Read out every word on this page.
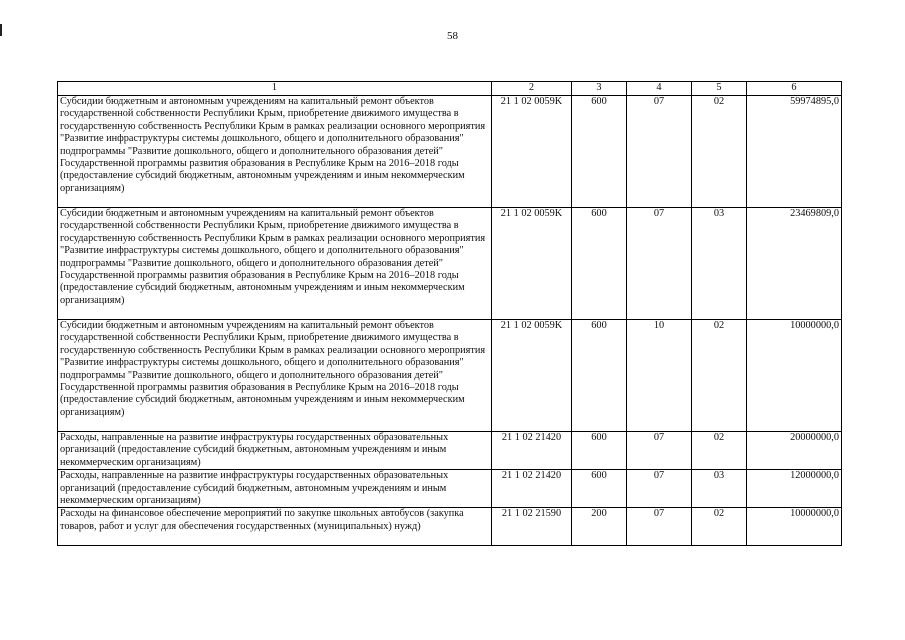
58
1	2	3	4	5	6
Субсидии бюджетным и автономным учреждениям на капитальный ремонт объектов государственной собственности Республики Крым, приобретение движимого имущества в государственную собственность Республики Крым в рамках реализации основного мероприятия "Развитие инфраструктуры системы дошкольного, общего и дополнительного образования" подпрограммы "Развитие дошкольного, общего и дополнительного образования детей" Государственной программы развития образования в Республике Крым на 2016–2018 годы (предоставление субсидий бюджетным, автономным учреждениям и иным некоммерческим организациям)	21 1 02 0059K	600	07	02	59974895,0
Субсидии бюджетным и автономным учреждениям на капитальный ремонт объектов государственной собственности Республики Крым, приобретение движимого имущества в государственную собственность Республики Крым в рамках реализации основного мероприятия "Развитие инфраструктуры системы дошкольного, общего и дополнительного образования" подпрограммы "Развитие дошкольного, общего и дополнительного образования детей" Государственной программы развития образования в Республике Крым на 2016–2018 годы (предоставление субсидий бюджетным, автономным учреждениям и иным некоммерческим организациям)	21 1 02 0059K	600	07	03	23469809,0
Субсидии бюджетным и автономным учреждениям на капитальный ремонт объектов государственной собственности Республики Крым, приобретение движимого имущества в государственную собственность Республики Крым в рамках реализации основного мероприятия "Развитие инфраструктуры системы дошкольного, общего и дополнительного образования" подпрограммы "Развитие дошкольного, общего и дополнительного образования детей" Государственной программы развития образования в Республике Крым на 2016–2018 годы (предоставление субсидий бюджетным, автономным учреждениям и иным некоммерческим организациям)	21 1 02 0059K	600	10	02	10000000,0
Расходы, направленные на развитие инфраструктуры государственных образовательных организаций (предоставление субсидий бюджетным, автономным учреждениям и иным некоммерческим организациям)	21 1 02 21420	600	07	02	20000000,0
Расходы, направленные на развитие инфраструктуры государственных образовательных организаций (предоставление субсидий бюджетным, автономным учреждениям и иным некоммерческим организациям)	21 1 02 21420	600	07	03	12000000,0
Расходы на финансовое обеспечение мероприятий по закупке школьных автобусов (закупка товаров, работ и услуг для обеспечения государственных (муниципальных) нужд)	21 1 02 21590	200	07	02	10000000,0
